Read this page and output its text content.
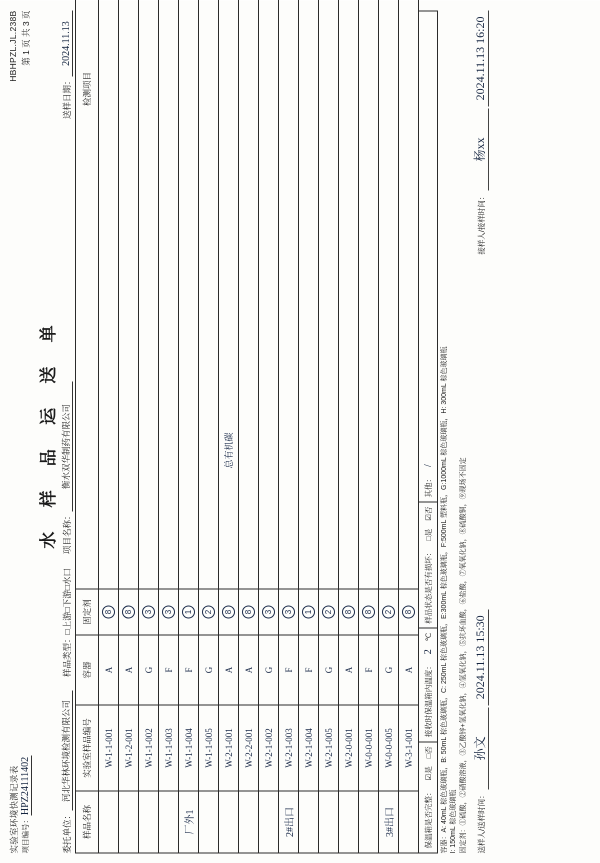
实验室环境快测记录表
HBHPZL.JL.238B
项目编号：HPZ24111402
第 1 页 共 3 页
水 样 品 运 送 单
委托单位：
河北华林环境检测有限公司
样品类型：
□上游□下游□水口
项目名称：
衡水双华制药有限公司
送样日期：
2024.11.13
样品名称	实验室样品编号	容器	固定剂	检测项目
	W-1-1-001	A	8	
	W-1-2-001	A	8	
	W-1-1-002	G	3	
	W-1-1-003	F	3	
厂外1	W-1-1-004	F	1	
	W-1-1-005	G	2	
	W-2-1-001	A	8	总有机碳
	W-2-2-001	A	8	
	W-2-1-002	G	3	
2#出口	W-2-1-003	F	3	
	W-2-1-004	F	1	
	W-2-1-005	G	2	
	W-2-0-001	A	8	
	W-0-0-001	F	8	
3#出口	W-0-0-005	G	2	
	W-3-1-001	A	8	
保温箱是否完整：
☑是
□否
接收时保温箱内温度：
2
℃
样品状态是否有损坏：
□是
☑否
其他：
/ 容器：A: 40mL 棕色玻璃瓶，B: 50mL 棕色玻璃瓶，C: 250mL 棕色玻璃瓶，E:300mL 棕色玻璃瓶，F:500mL 塑料瓶，G:1000mL 棕色玻璃瓶，H: 300mL 棕色玻璃瓶 I: 150mL 棕色玻璃瓶 固定剂：①硫酸，②硝酸溶液，③乙酸锌+氢氧化钠，④氢氧化钠，⑤抗坏血酸，⑥盐酸，⑦氧氧化钠，⑧硫酸铜，⑨现场不固定	送样人/送样时间： 孙文 2024.11.13 15:30
接样人/接样时间： 杨xx 2024.11.13 16:20
